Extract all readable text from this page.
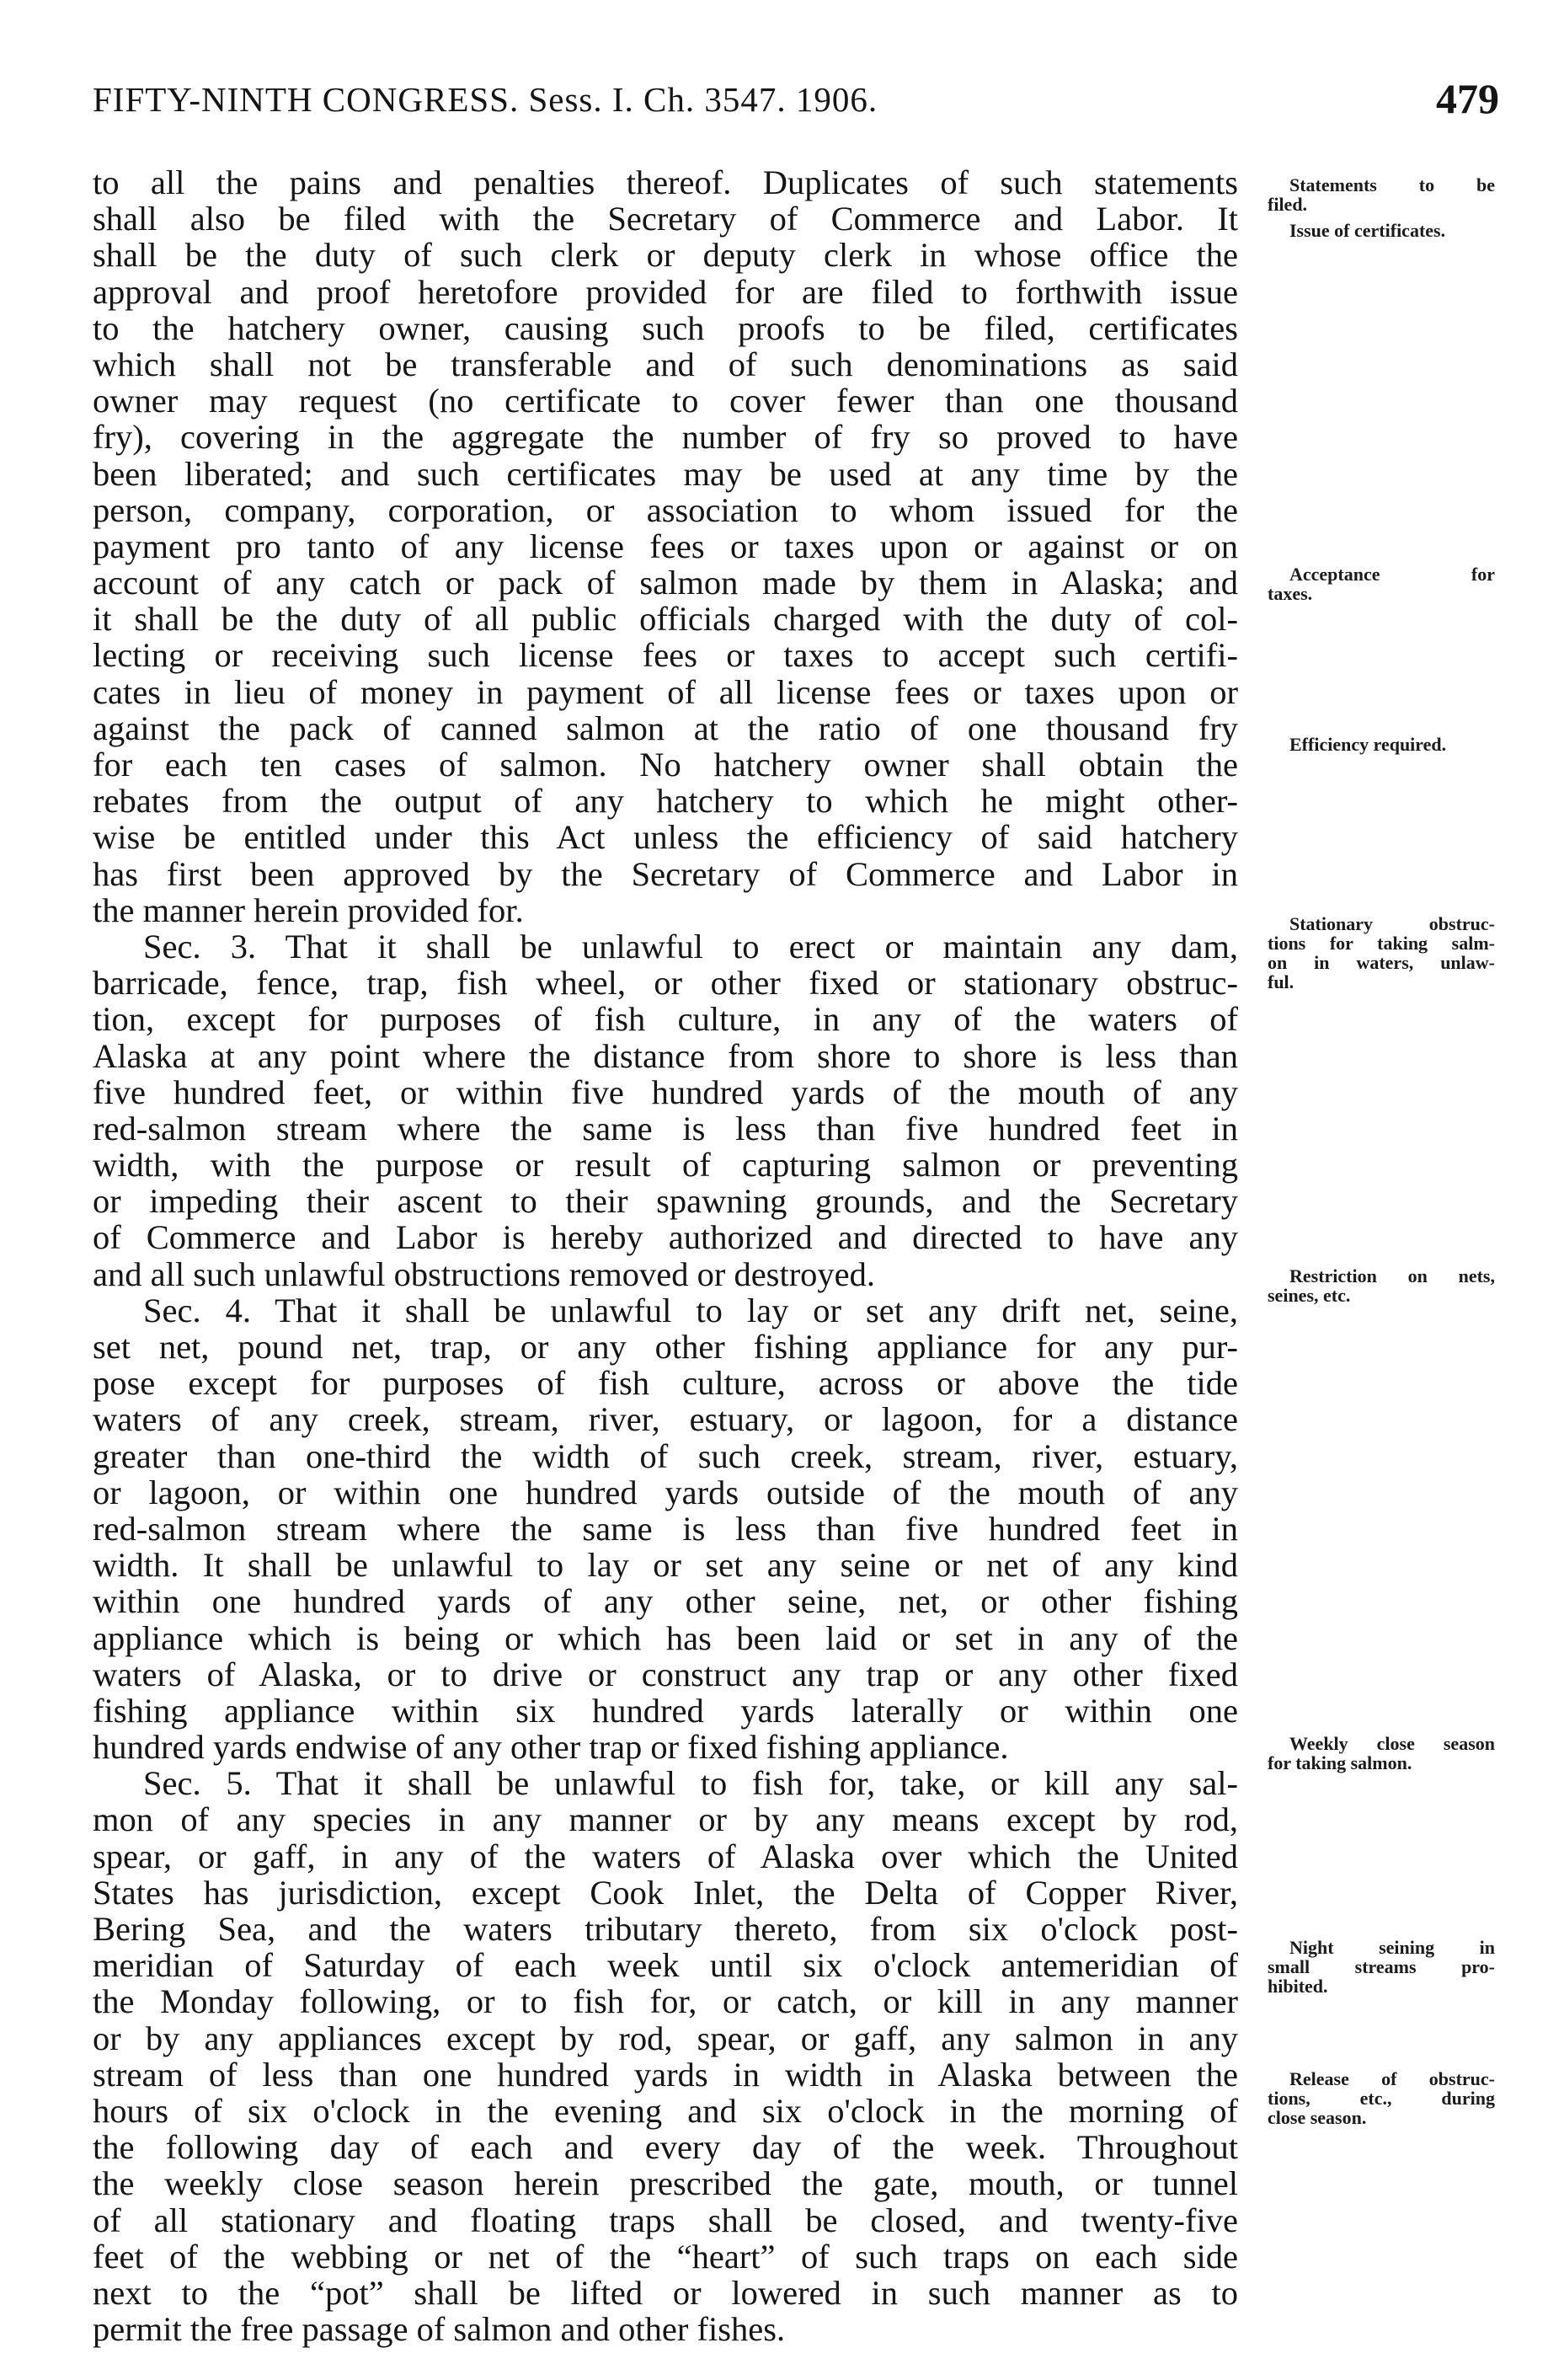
FIFTY-NINTH CONGRESS. Sess. I. Ch. 3547. 1906.	479
to all the pains and penalties thereof. Duplicates of such statements
shall also be filed with the Secretary of Commerce and Labor. It
shall be the duty of such clerk or deputy clerk in whose office the
approval and proof heretofore provided for are filed to forthwith issue
to the hatchery owner, causing such proofs to be filed, certificates
which shall not be transferable and of such denominations as said
owner may request (no certificate to cover fewer than one thousand
fry), covering in the aggregate the number of fry so proved to have
been liberated; and such certificates may be used at any time by the
person, company, corporation, or association to whom issued for the
payment pro tanto of any license fees or taxes upon or against or on
account of any catch or pack of salmon made by them in Alaska; and
it shall be the duty of all public officials charged with the duty of col-
lecting or receiving such license fees or taxes to accept such certifi-
cates in lieu of money in payment of all license fees or taxes upon or
against the pack of canned salmon at the ratio of one thousand fry
for each ten cases of salmon. No hatchery owner shall obtain the
rebates from the output of any hatchery to which he might other-
wise be entitled under this Act unless the efficiency of said hatchery
has first been approved by the Secretary of Commerce and Labor in
the manner herein provided for.
Sec. 3. That it shall be unlawful to erect or maintain any dam,
barricade, fence, trap, fish wheel, or other fixed or stationary obstruc-
tion, except for purposes of fish culture, in any of the waters of
Alaska at any point where the distance from shore to shore is less than
five hundred feet, or within five hundred yards of the mouth of any
red-salmon stream where the same is less than five hundred feet in
width, with the purpose or result of capturing salmon or preventing
or impeding their ascent to their spawning grounds, and the Secretary
of Commerce and Labor is hereby authorized and directed to have any
and all such unlawful obstructions removed or destroyed.
Sec. 4. That it shall be unlawful to lay or set any drift net, seine,
set net, pound net, trap, or any other fishing appliance for any pur-
pose except for purposes of fish culture, across or above the tide
waters of any creek, stream, river, estuary, or lagoon, for a distance
greater than one-third the width of such creek, stream, river, estuary,
or lagoon, or within one hundred yards outside of the mouth of any
red-salmon stream where the same is less than five hundred feet in
width. It shall be unlawful to lay or set any seine or net of any kind
within one hundred yards of any other seine, net, or other fishing
appliance which is being or which has been laid or set in any of the
waters of Alaska, or to drive or construct any trap or any other fixed
fishing appliance within six hundred yards laterally or within one
hundred yards endwise of any other trap or fixed fishing appliance.
Sec. 5. That it shall be unlawful to fish for, take, or kill any sal-
mon of any species in any manner or by any means except by rod,
spear, or gaff, in any of the waters of Alaska over which the United
States has jurisdiction, except Cook Inlet, the Delta of Copper River,
Bering Sea, and the waters tributary thereto, from six o'clock post-
meridian of Saturday of each week until six o'clock antemeridian of
the Monday following, or to fish for, or catch, or kill in any manner
or by any appliances except by rod, spear, or gaff, any salmon in any
stream of less than one hundred yards in width in Alaska between the
hours of six o'clock in the evening and six o'clock in the morning of
the following day of each and every day of the week. Throughout
the weekly close season herein prescribed the gate, mouth, or tunnel
of all stationary and floating traps shall be closed, and twenty-five
feet of the webbing or net of the “heart” of such traps on each side
next to the “pot” shall be lifted or lowered in such manner as to
permit the free passage of salmon and other fishes.
Statements to be
filed.
Issue of certificates.
Acceptance for
taxes.
Efficiency required.
Stationary obstruc-
tions for taking salm-
on in waters, unlaw-
ful.
Restriction on nets,
seines, etc.
Weekly close season
for taking salmon.
Night seining in
small streams pro-
hibited.
Release of obstruc-
tions, etc., during
close season.
